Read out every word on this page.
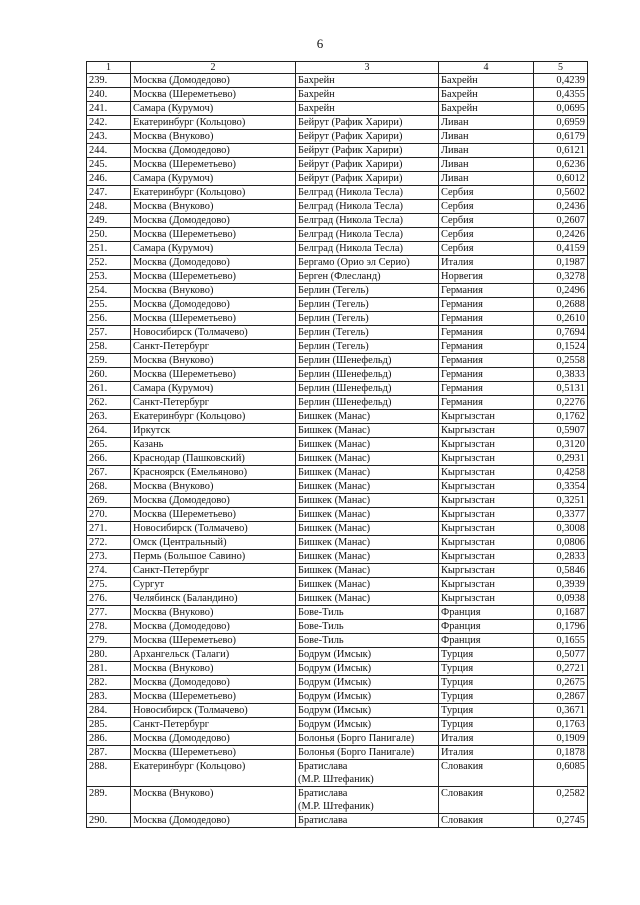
6
1	2	3	4	5
239.	Москва (Домодедово)	Бахрейн	Бахрейн	0,4239
240.	Москва (Шереметьево)	Бахрейн	Бахрейн	0,4355
241.	Самара (Курумоч)	Бахрейн	Бахрейн	0,0695
242.	Екатеринбург (Кольцово)	Бейрут (Рафик Харири)	Ливан	0,6959
243.	Москва (Внуково)	Бейрут (Рафик Харири)	Ливан	0,6179
244.	Москва (Домодедово)	Бейрут (Рафик Харири)	Ливан	0,6121
245.	Москва (Шереметьево)	Бейрут (Рафик Харири)	Ливан	0,6236
246.	Самара (Курумоч)	Бейрут (Рафик Харири)	Ливан	0,6012
247.	Екатеринбург (Кольцово)	Белград (Никола Тесла)	Сербия	0,5602
248.	Москва (Внуково)	Белград (Никола Тесла)	Сербия	0,2436
249.	Москва (Домодедово)	Белград (Никола Тесла)	Сербия	0,2607
250.	Москва (Шереметьево)	Белград (Никола Тесла)	Сербия	0,2426
251.	Самара (Курумоч)	Белград (Никола Тесла)	Сербия	0,4159
252.	Москва (Домодедово)	Бергамо (Орио эл Серио)	Италия	0,1987
253.	Москва (Шереметьево)	Берген (Флесланд)	Норвегия	0,3278
254.	Москва (Внуково)	Берлин (Тегель)	Германия	0,2496
255.	Москва (Домодедово)	Берлин (Тегель)	Германия	0,2688
256.	Москва (Шереметьево)	Берлин (Тегель)	Германия	0,2610
257.	Новосибирск (Толмачево)	Берлин (Тегель)	Германия	0,7694
258.	Санкт-Петербург	Берлин (Тегель)	Германия	0,1524
259.	Москва (Внуково)	Берлин (Шенефельд)	Германия	0,2558
260.	Москва (Шереметьево)	Берлин (Шенефельд)	Германия	0,3833
261.	Самара (Курумоч)	Берлин (Шенефельд)	Германия	0,5131
262.	Санкт-Петербург	Берлин (Шенефельд)	Германия	0,2276
263.	Екатеринбург (Кольцово)	Бишкек (Манас)	Кыргызстан	0,1762
264.	Иркутск	Бишкек (Манас)	Кыргызстан	0,5907
265.	Казань	Бишкек (Манас)	Кыргызстан	0,3120
266.	Краснодар (Пашковский)	Бишкек (Манас)	Кыргызстан	0,2931
267.	Красноярск (Емельяново)	Бишкек (Манас)	Кыргызстан	0,4258
268.	Москва (Внуково)	Бишкек (Манас)	Кыргызстан	0,3354
269.	Москва (Домодедово)	Бишкек (Манас)	Кыргызстан	0,3251
270.	Москва (Шереметьево)	Бишкек (Манас)	Кыргызстан	0,3377
271.	Новосибирск (Толмачево)	Бишкек (Манас)	Кыргызстан	0,3008
272.	Омск (Центральный)	Бишкек (Манас)	Кыргызстан	0,0806
273.	Пермь (Большое Савино)	Бишкек (Манас)	Кыргызстан	0,2833
274.	Санкт-Петербург	Бишкек (Манас)	Кыргызстан	0,5846
275.	Сургут	Бишкек (Манас)	Кыргызстан	0,3939
276.	Челябинск (Баландино)	Бишкек (Манас)	Кыргызстан	0,0938
277.	Москва (Внуково)	Бове-Тиль	Франция	0,1687
278.	Москва (Домодедово)	Бове-Тиль	Франция	0,1796
279.	Москва (Шереметьево)	Бове-Тиль	Франция	0,1655
280.	Архангельск (Талаги)	Бодрум (Имсык)	Турция	0,5077
281.	Москва (Внуково)	Бодрум (Имсык)	Турция	0,2721
282.	Москва (Домодедово)	Бодрум (Имсык)	Турция	0,2675
283.	Москва (Шереметьево)	Бодрум (Имсык)	Турция	0,2867
284.	Новосибирск (Толмачево)	Бодрум (Имсык)	Турция	0,3671
285.	Санкт-Петербург	Бодрум (Имсык)	Турция	0,1763
286.	Москва (Домодедово)	Болонья (Борго Панигале)	Италия	0,1909
287.	Москва (Шереметьево)	Болонья (Борго Панигале)	Италия	0,1878
288.	Екатеринбург (Кольцово)	Братислава
(М.Р. Штефаник)	Словакия	0,6085
289.	Москва (Внуково)	Братислава
(М.Р. Штефаник)	Словакия	0,2582
290.	Москва (Домодедово)	Братислава	Словакия	0,2745
